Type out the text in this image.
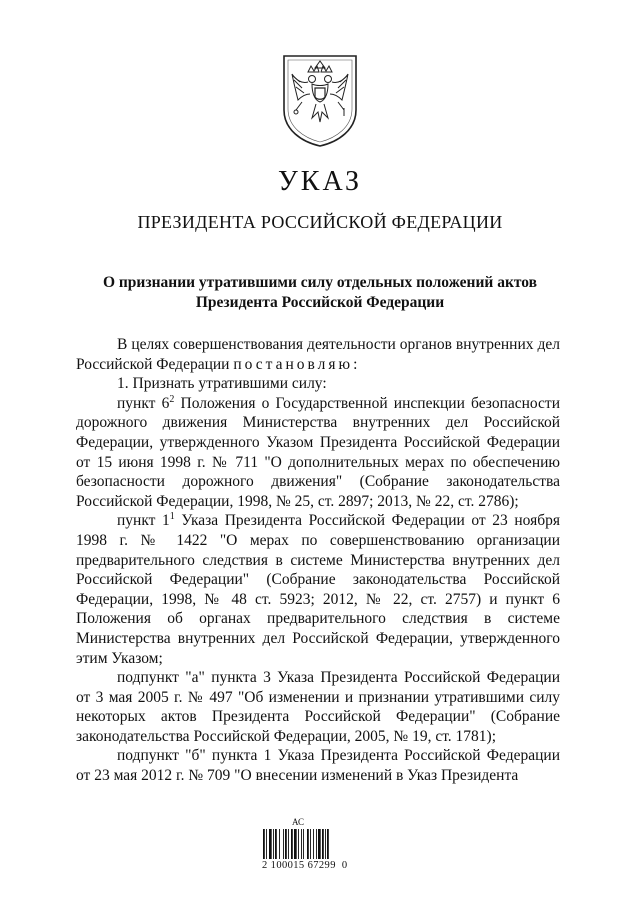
УКАЗ
ПРЕЗИДЕНТА РОССИЙСКОЙ ФЕДЕРАЦИИ
О признании утратившими силу отдельных положений актов
Президента Российской Федерации

В целях совершенствования деятельности органов внутренних дел Российской Федерации постановляю:

1. Признать утратившими силу:

пункт $6^2$ Положения о Государственной инспекции безопасности дорожного движения Министерства внутренних дел Российской Федерации, утвержденного Указом Президента Российской Федерации от 15 июня 1998 г. № 711 "О дополнительных мерах по обеспечению безопасности дорожного движения" (Собрание законодательства Российской Федерации, 1998, № 25, ст. 2897; 2013, № 22, ст. 2786);

пункт $1^1$ Указа Президента Российской Федерации от 23 ноября 1998 г. № 1422 "О мерах по совершенствованию организации предварительного следствия в системе Министерства внутренних дел Российской Федерации" (Собрание законодательства Российской Федерации, 1998, № 48 ст. 5923; 2012, № 22, ст. 2757) и пункт 6 Положения об органах предварительного следствия в системе Министерства внутренних дел Российской Федерации, утвержденного этим Указом;

подпункт "а" пункта 3 Указа Президента Российской Федерации от 3 мая 2005 г. № 497 "Об изменении и признании утратившими силу некоторых актов Президента Российской Федерации" (Собрание законодательства Российской Федерации, 2005, № 19, ст. 1781);

подпункт "б" пункта 1 Указа Президента Российской Федерации от 23 мая 2012 г. № 709 "О внесении изменений в Указ Президента

АС
2 100015 67299  0
